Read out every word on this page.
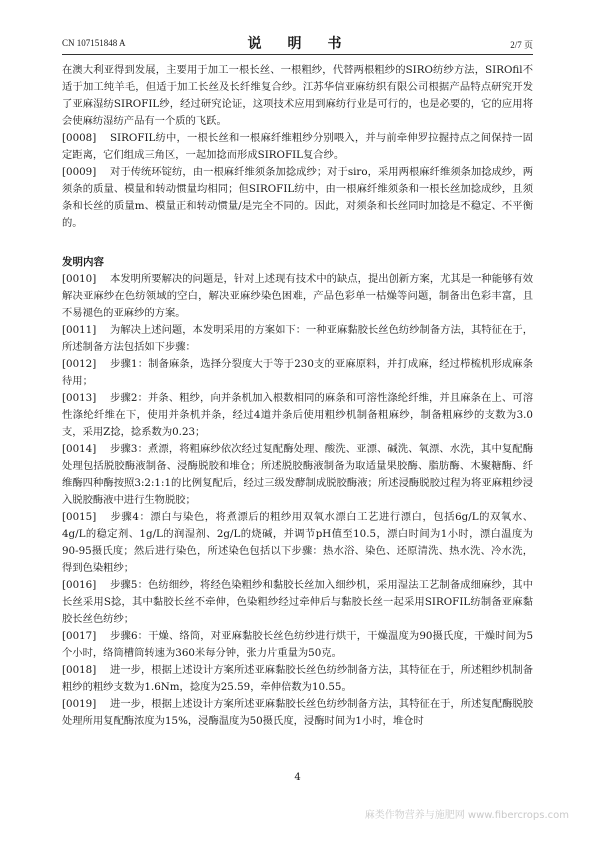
CN 107151848 A	说　明　书	2/7 页

在澳大利亚得到发展，主要用于加工一根长丝、一根粗纱，代替两根粗纱的SIRO纺纱方法，SIROfil不适于加工纯羊毛，但适于加工长丝及长纤维复合纱。江苏华信亚麻纺织有限公司根据产品特点研究开发了亚麻湿纺SIROFIL纱，经过研究论证，这项技术应用到麻纺行业是可行的，也是必要的，它的应用将会使麻纺湿纺产品有一个质的飞跃。

[0008] SIROFIL纺中，一根长丝和一根麻纤维粗纱分别喂入，并与前牵伸罗拉握持点之间保持一固定距离，它们组成三角区，一起加捻而形成SIROFIL复合纱。

[0009] 对于传统环锭纺，由一根麻纤维须条加捻成纱；对于siro，采用两根麻纤维须条加捻成纱，两须条的质量、模量和转动惯量均相同；但SIROFIL纺中，由一根麻纤维须条和一根长丝加捻成纱，且须条和长丝的质量m、模量正和转动惯量/是完全不同的。因此，对须条和长丝同时加捻是不稳定、不平衡的。

发明内容

[0010] 本发明所要解决的问题是，针对上述现有技术中的缺点，提出创新方案，尤其是一种能够有效解决亚麻纱在色纺领域的空白，解决亚麻纱染色困难，产品色彩单一枯燥等问题，制备出色彩丰富，且不易褪色的亚麻纱的方案。

[0011] 为解决上述问题，本发明采用的方案如下：一种亚麻黏胶长丝色纺纱制备方法，其特征在于，所述制备方法包括如下步骤：

[0012] 步骤1：制备麻条，选择分裂度大于等于230支的亚麻原料，并打成麻，经过栉梳机形成麻条待用；

[0013] 步骤2：并条、粗纱，向并条机加入根数相同的麻条和可溶性涤纶纤维，并且麻条在上、可溶性涤纶纤维在下，使用并条机并条，经过4道并条后使用粗纱机制备粗麻纱，制备粗麻纱的支数为3.0支，采用Z捻，捻系数为0.23；

[0014] 步骤3：煮漂，将粗麻纱依次经过复配酶处理、酸洗、亚漂、碱洗、氧漂、水洗，其中复配酶处理包括脱胶酶液制备、浸酶脱胶和堆仓；所述脱胶酶液制备为取适量果胶酶、脂肪酶、木聚糖酶、纤维酶四种酶按照3:2:1:1的比例复配后，经过三级发酵制成脱胶酶液；所述浸酶脱胶过程为将亚麻粗纱浸入脱胶酶液中进行生物脱胶；

[0015] 步骤4：漂白与染色，将煮漂后的粗纱用双氧水漂白工艺进行漂白，包括6g/L的双氧水、4g/L的稳定剂、1g/L的润湿剂、2g/L的烧碱，并调节pH值至10.5，漂白时间为1小时，漂白温度为90-95摄氏度；然后进行染色，所述染色包括以下步骤：热水浴、染色、还原清洗、热水洗、冷水洗，得到色染粗纱；

[0016] 步骤5：色纺细纱，将经色染粗纱和黏胶长丝加入细纱机，采用湿法工艺制备成细麻纱，其中长丝采用S捻，其中黏胶长丝不牵伸，色染粗纱经过牵伸后与黏胶长丝一起采用SIROFIL纺制备亚麻黏胶长丝色纺纱；

[0017] 步骤6：干燥、络筒，对亚麻黏胶长丝色纺纱进行烘干，干燥温度为90摄氏度，干燥时间为5个小时，络筒槽筒转速为360米每分钟，张力片重量为50克。

[0018] 进一步，根据上述设计方案所述亚麻黏胶长丝色纺纱制备方法，其特征在于，所述粗纱机制备粗纱的粗纱支数为1.6Nm，捻度为25.59，牵伸倍数为10.55。

[0019] 进一步，根据上述设计方案所述亚麻黏胶长丝色纺纱制备方法，其特征在于，所述复配酶脱胶处理所用复配酶浓度为15%，浸酶温度为50摄氏度，浸酶时间为1小时，堆仓时

4
麻类作物营养与施肥网 www.fibercrops.com
